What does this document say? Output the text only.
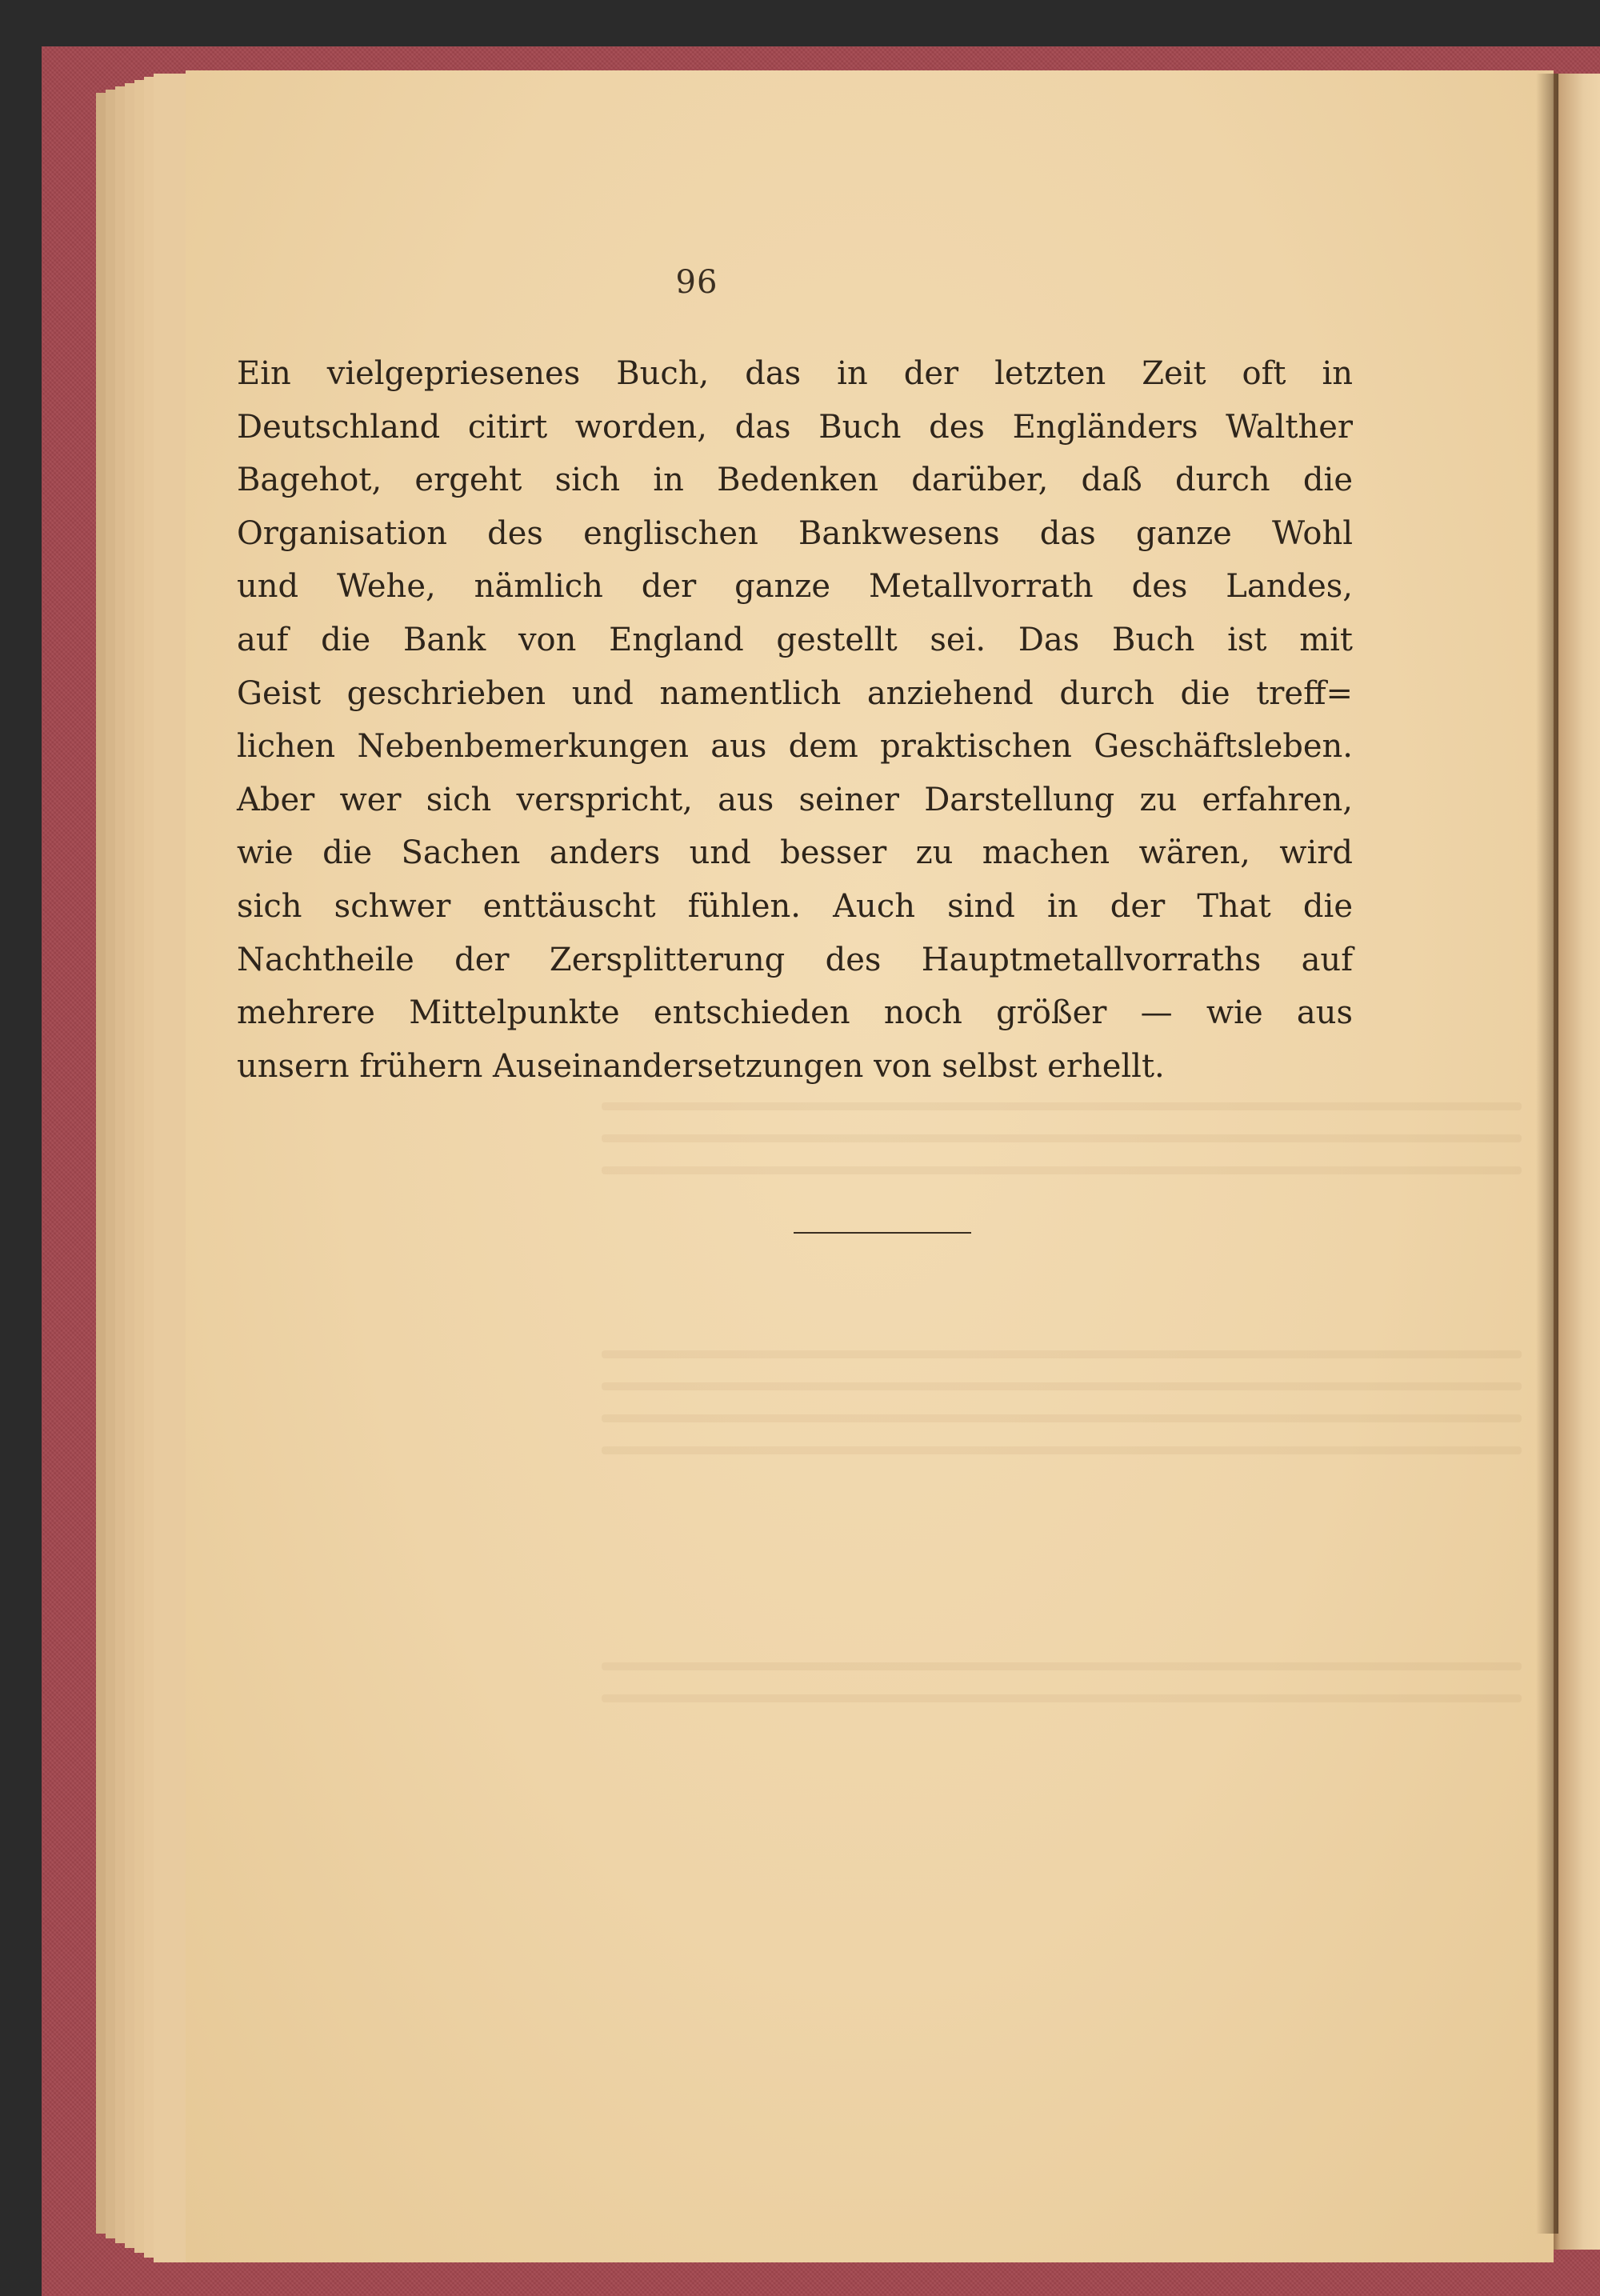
96
Ein vielgepriesenes Buch, das in der letzten Zeit oft in
Deutschland citirt worden, das Buch des Engländers Walther
Bagehot, ergeht sich in Bedenken darüber, daß durch die
Organisation des englischen Bankwesens das ganze Wohl
und Wehe, nämlich der ganze Metallvorrath des Landes,
auf die Bank von England gestellt sei. Das Buch ist mit
Geist geschrieben und namentlich anziehend durch die treff=
lichen Nebenbemerkungen aus dem praktischen Geschäftsleben.
Aber wer sich verspricht, aus seiner Darstellung zu erfahren,
wie die Sachen anders und besser zu machen wären, wird
sich schwer enttäuscht fühlen. Auch sind in der That die
Nachtheile der Zersplitterung des Hauptmetallvorraths auf
mehrere Mittelpunkte entschieden noch größer — wie aus
unsern frühern Auseinandersetzungen von selbst erhellt.
